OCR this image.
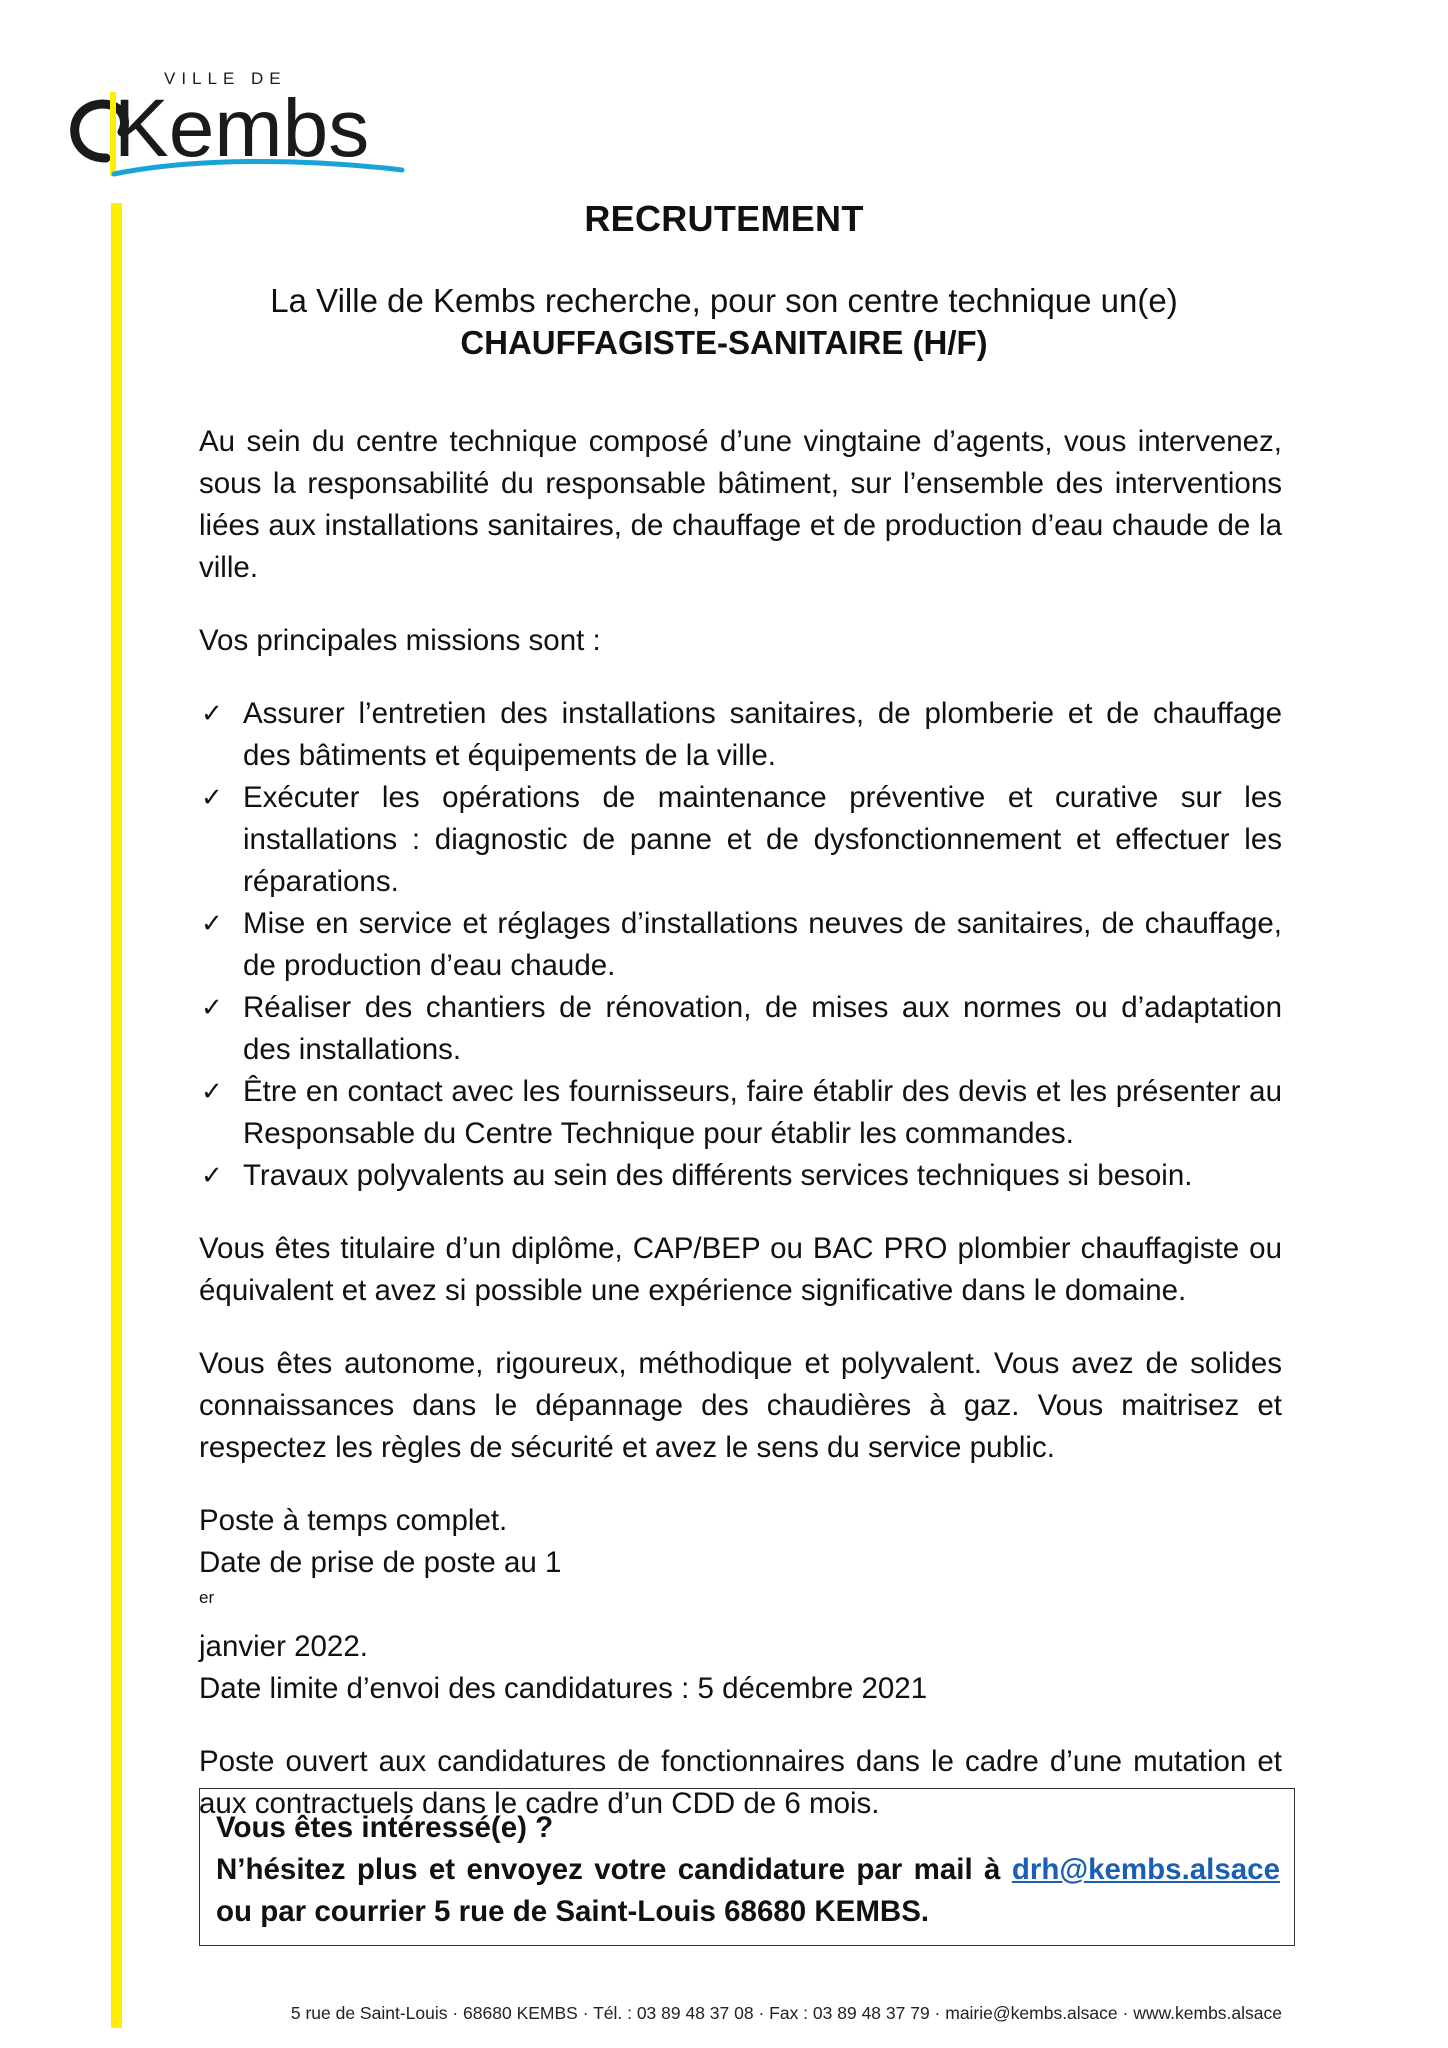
VILLE DE
Kembs
RECRUTEMENT
La Ville de Kembs recherche, pour son centre technique un(e)
CHAUFFAGISTE-SANITAIRE (H/F)

Au sein du centre technique composé d’une vingtaine d’agents, vous intervenez, sous la responsabilité du responsable bâtiment, sur l’ensemble des interventions liées aux installations sanitaires, de chauffage et de production d’eau chaude de la ville.

Vos principales missions sont :

✓ Assurer l’entretien des installations sanitaires, de plomberie et de chauffage des bâtiments et équipements de la ville.
✓ Exécuter les opérations de maintenance préventive et curative sur les installations : diagnostic de panne et de dysfonctionnement et effectuer les réparations.
✓ Mise en service et réglages d’installations neuves de sanitaires, de chauffage, de production d’eau chaude.
✓ Réaliser des chantiers de rénovation, de mises aux normes ou d’adaptation des installations.
✓ Être en contact avec les fournisseurs, faire établir des devis et les présenter au Responsable du Centre Technique pour établir les commandes.
✓ Travaux polyvalents au sein des différents services techniques si besoin.

Vous êtes titulaire d’un diplôme, CAP/BEP ou BAC PRO plombier chauffagiste ou équivalent et avez si possible une expérience significative dans le domaine.

Vous êtes autonome, rigoureux, méthodique et polyvalent. Vous avez de solides connaissances dans le dépannage des chaudières à gaz. Vous maitrisez et respectez les règles de sécurité et avez le sens du service public.

Poste à temps complet.
Date de prise de poste au 1
$^{er}$
janvier 2022.
Date limite d’envoi des candidatures : 5 décembre 2021

Poste ouvert aux candidatures de fonctionnaires dans le cadre d’une mutation et aux contractuels dans le cadre d’un CDD de 6 mois.

Vous êtes intéressé(e) ?

N’hésitez plus et envoyez votre candidature par mail à drh@kembs.alsace

ou par courrier 5 rue de Saint-Louis 68680 KEMBS.

5 rue de Saint-Louis · 68680 KEMBS · Tél. : 03 89 48 37 08 · Fax : 03 89 48 37 79 · mairie@kembs.alsace · www.kembs.alsace
